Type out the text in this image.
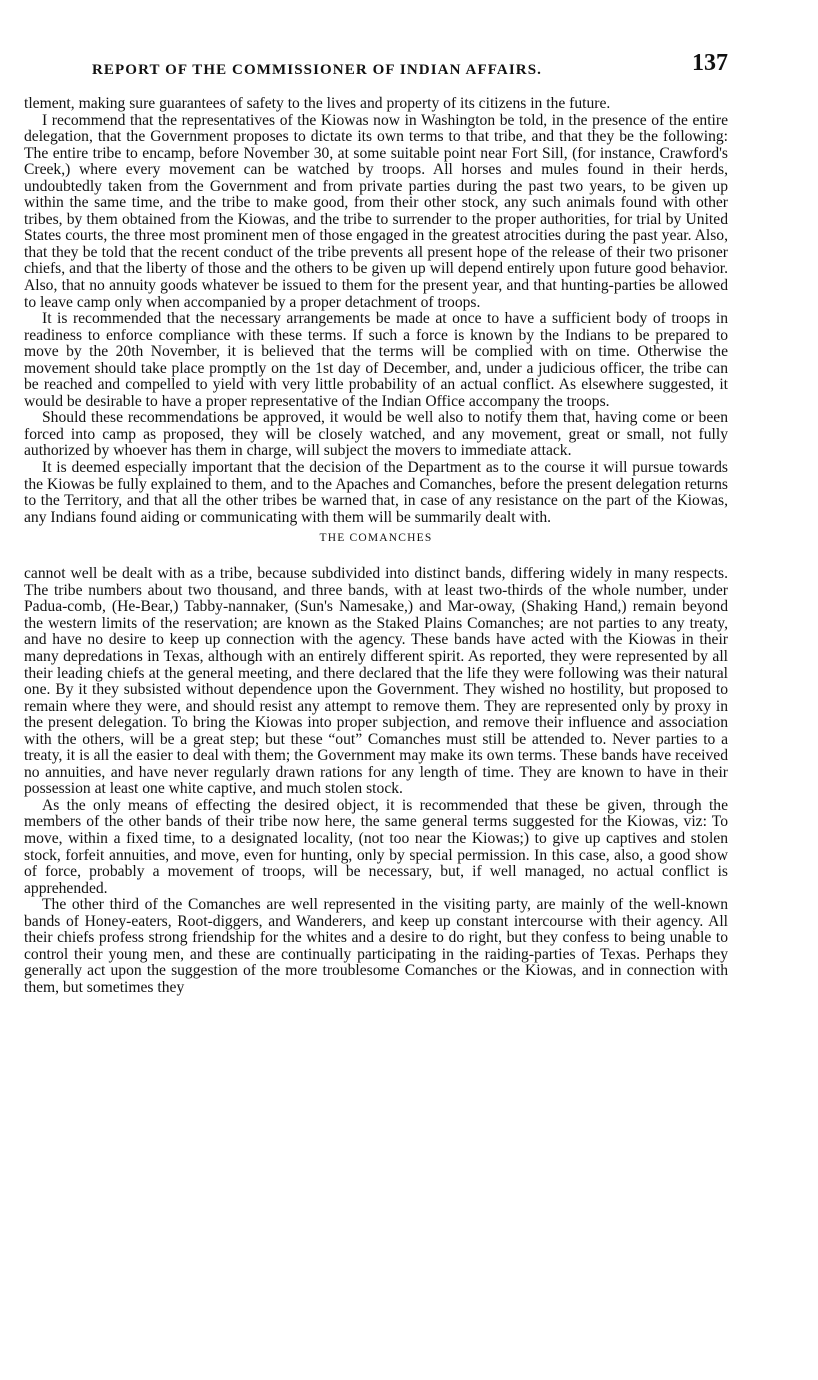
REPORT OF THE COMMISSIONER OF INDIAN AFFAIRS.	137

tlement, making sure guarantees of safety to the lives and property of its citizens in the future.

I recommend that the representatives of the Kiowas now in Washington be told, in the presence of the entire delegation, that the Government proposes to dictate its own terms to that tribe, and that they be the following: The entire tribe to encamp, before November 30, at some suitable point near Fort Sill, (for instance, Crawford's Creek,) where every movement can be watched by troops. All horses and mules found in their herds, undoubtedly taken from the Government and from private parties during the past two years, to be given up within the same time, and the tribe to make good, from their other stock, any such animals found with other tribes, by them obtained from the Kiowas, and the tribe to surrender to the proper authorities, for trial by United States courts, the three most prominent men of those engaged in the greatest atrocities during the past year. Also, that they be told that the recent conduct of the tribe prevents all present hope of the release of their two prisoner chiefs, and that the liberty of those and the others to be given up will depend entirely upon future good behavior. Also, that no annuity goods whatever be issued to them for the present year, and that hunting-parties be allowed to leave camp only when accompanied by a proper detachment of troops.

It is recommended that the necessary arrangements be made at once to have a sufficient body of troops in readiness to enforce compliance with these terms. If such a force is known by the Indians to be prepared to move by the 20th November, it is believed that the terms will be complied with on time. Otherwise the movement should take place promptly on the 1st day of December, and, under a judicious officer, the tribe can be reached and compelled to yield with very little probability of an actual conflict. As elsewhere suggested, it would be desirable to have a proper representative of the Indian Office accompany the troops.

Should these recommendations be approved, it would be well also to notify them that, having come or been forced into camp as proposed, they will be closely watched, and any movement, great or small, not fully authorized by whoever has them in charge, will subject the movers to immediate attack.

It is deemed especially important that the decision of the Department as to the course it will pursue towards the Kiowas be fully explained to them, and to the Apaches and Comanches, before the present delegation returns to the Territory, and that all the other tribes be warned that, in case of any resistance on the part of the Kiowas, any Indians found aiding or communicating with them will be summarily dealt with.

THE COMANCHES

cannot well be dealt with as a tribe, because subdivided into distinct bands, differing widely in many respects. The tribe numbers about two thousand, and three bands, with at least two-thirds of the whole number, under Padua-comb, (He-Bear,) Tabby-nannaker, (Sun's Namesake,) and Mar-oway, (Shaking Hand,) remain beyond the western limits of the reservation; are known as the Staked Plains Comanches; are not parties to any treaty, and have no desire to keep up connection with the agency. These bands have acted with the Kiowas in their many depredations in Texas, although with an entirely different spirit. As reported, they were represented by all their leading chiefs at the general meeting, and there declared that the life they were following was their natural one. By it they subsisted without dependence upon the Government. They wished no hostility, but proposed to remain where they were, and should resist any attempt to remove them. They are represented only by proxy in the present delegation. To bring the Kiowas into proper subjection, and remove their influence and association with the others, will be a great step; but these “out” Comanches must still be attended to. Never parties to a treaty, it is all the easier to deal with them; the Government may make its own terms. These bands have received no annuities, and have never regularly drawn rations for any length of time. They are known to have in their possession at least one white captive, and much stolen stock.

As the only means of effecting the desired object, it is recommended that these be given, through the members of the other bands of their tribe now here, the same general terms suggested for the Kiowas, viz: To move, within a fixed time, to a designated locality, (not too near the Kiowas;) to give up captives and stolen stock, forfeit annuities, and move, even for hunting, only by special permission. In this case, also, a good show of force, probably a movement of troops, will be necessary, but, if well managed, no actual conflict is apprehended.

The other third of the Comanches are well represented in the visiting party, are mainly of the well-known bands of Honey-eaters, Root-diggers, and Wanderers, and keep up constant intercourse with their agency. All their chiefs profess strong friendship for the whites and a desire to do right, but they confess to being unable to control their young men, and these are continually participating in the raiding-parties of Texas. Perhaps they generally act upon the suggestion of the more troublesome Comanches or the Kiowas, and in connection with them, but sometimes they
